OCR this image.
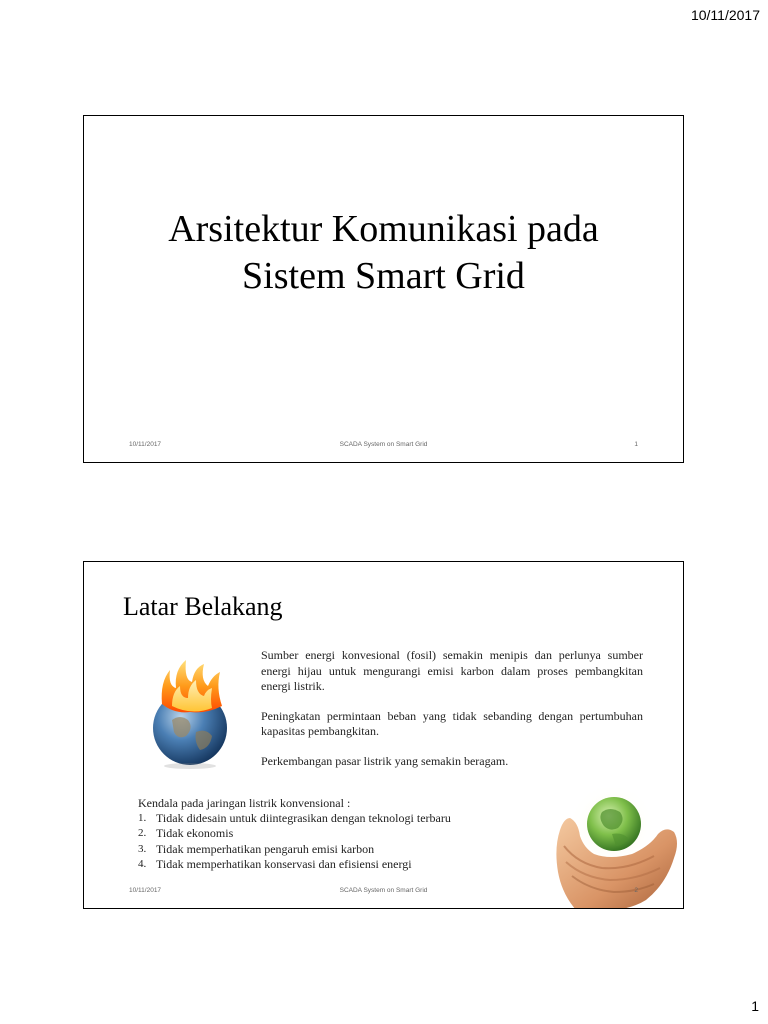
10/11/2017
Arsitektur Komunikasi pada
Sistem Smart Grid
10/11/2017	SCADA System on Smart Grid	1
Latar Belakang

Sumber energi konvesional (fosil) semakin menipis dan perlunya sumber energi hijau untuk mengurangi emisi karbon dalam proses pembangkitan energi listrik.

Peningkatan permintaan beban yang tidak sebanding dengan pertumbuhan kapasitas pembangkitan.

Perkembangan pasar listrik yang semakin beragam.

Kendala pada jaringan listrik konvensional :
1. Tidak didesain untuk diintegrasikan dengan teknologi terbaru
2. Tidak ekonomis
3. Tidak memperhatikan pengaruh emisi karbon
4. Tidak memperhatikan konservasi dan efisiensi energi
10/11/2017	SCADA System on Smart Grid	2
1
